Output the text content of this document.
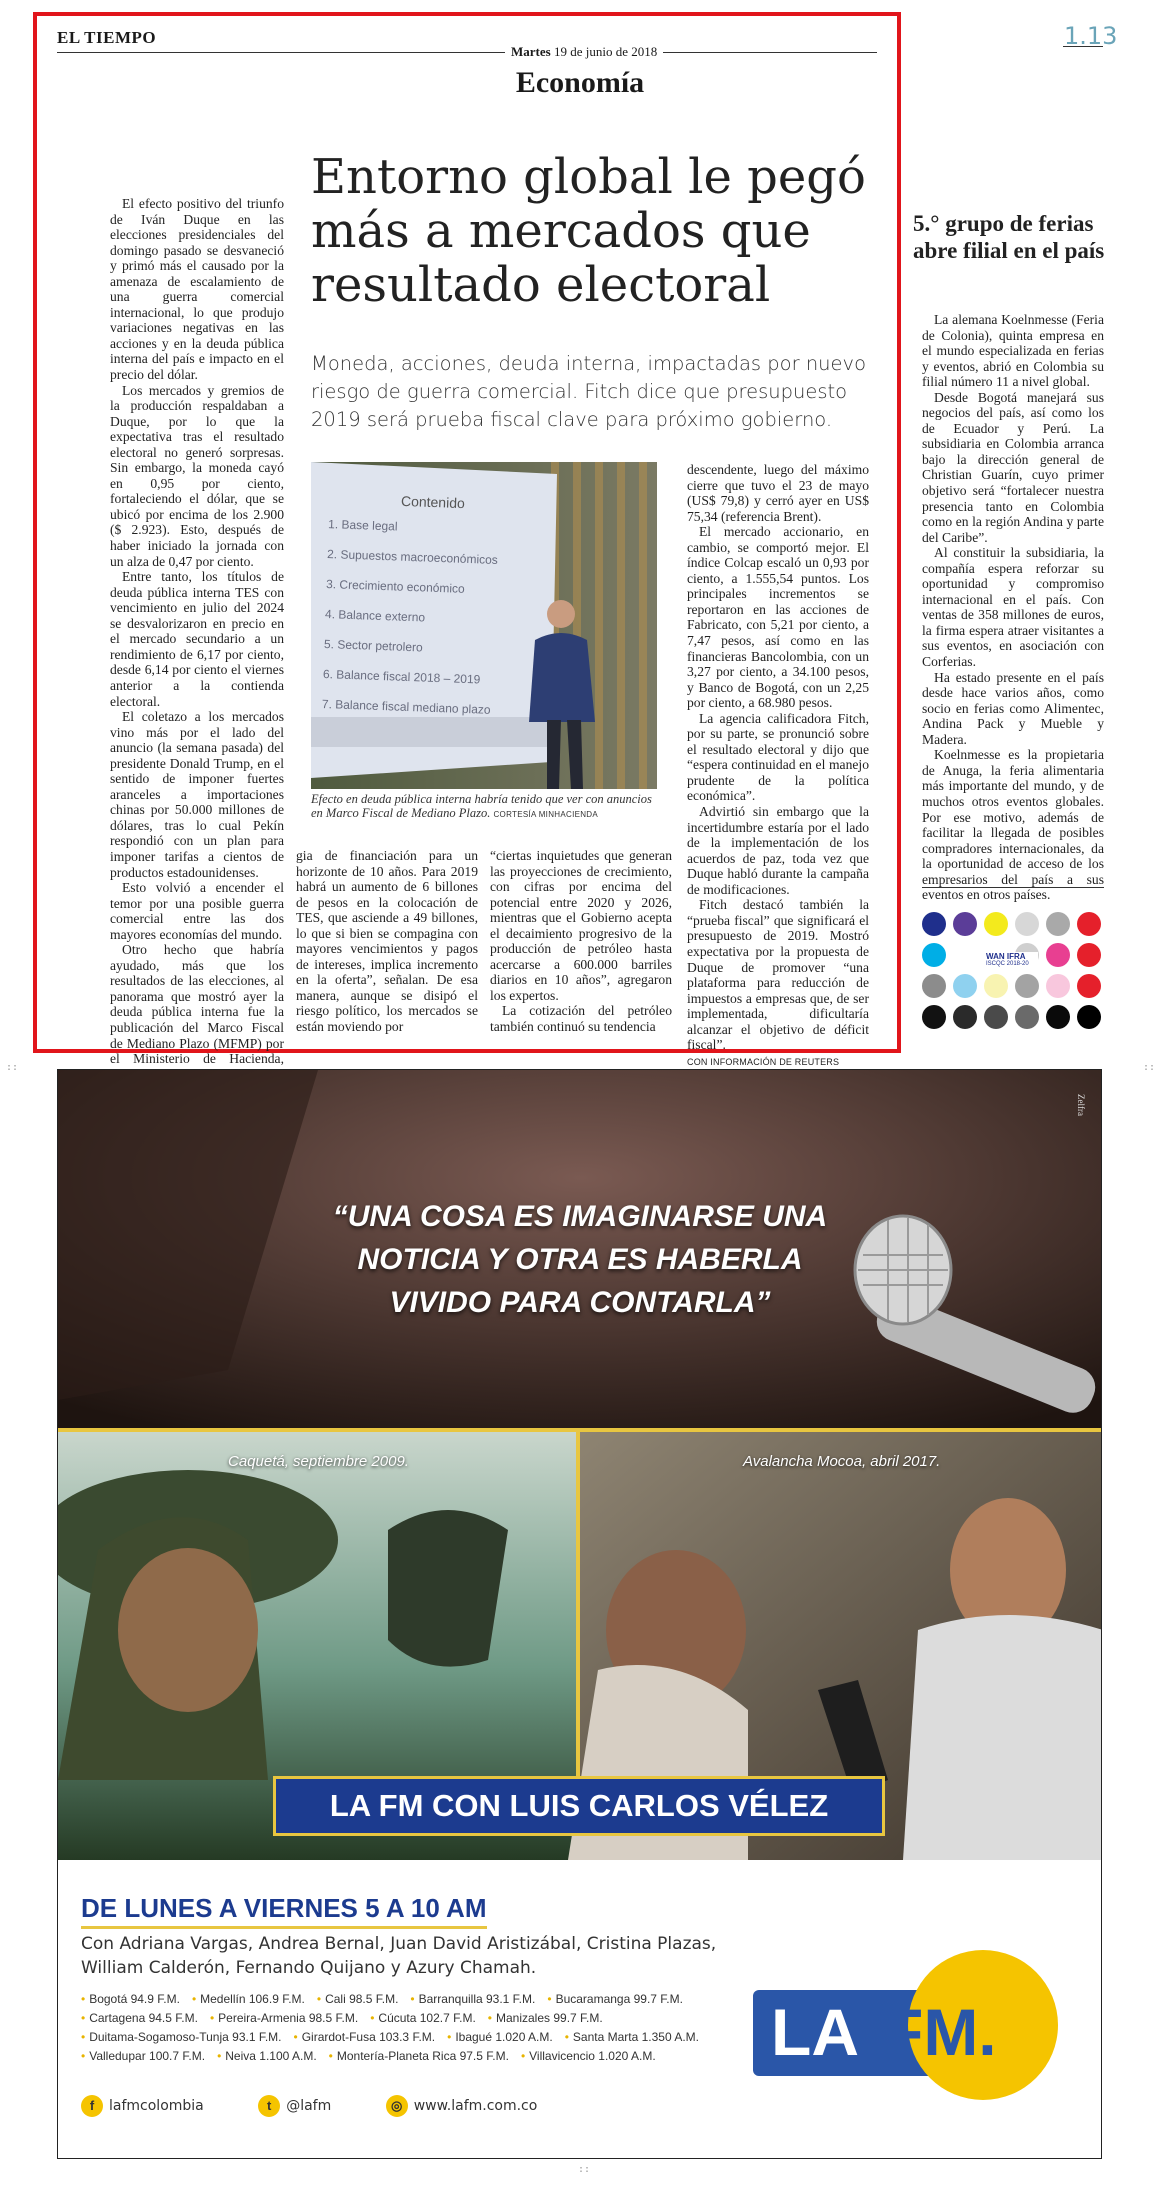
EL TIEMPO
Martes 19 de junio de 2018
1.13
Economía
Entorno global le pegó más a mercados que resultado electoral
Moneda, acciones, deuda interna, impactadas por nuevo riesgo de guerra comercial. Fitch dice que presupuesto 2019 será prueba fiscal clave para próximo gobierno.

El efecto positivo del triunfo de Iván Duque en las elecciones presidenciales del domingo pasado se desvaneció y primó más el causado por la amenaza de escalamiento de una guerra comercial internacional, lo que produjo variaciones negativas en las acciones y en la deuda pública interna del país e impacto en el precio del dólar.

Los mercados y gremios de la producción respaldaban a Duque, por lo que la expectativa tras el resultado electoral no generó sorpresas. Sin embargo, la moneda cayó en 0,95 por ciento, fortaleciendo el dólar, que se ubicó por encima de los 2.900 ($ 2.923). Esto, después de haber iniciado la jornada con un alza de 0,47 por ciento.

Entre tanto, los títulos de deuda pública interna TES con vencimiento en julio del 2024 se desvalorizaron en precio en el mercado secundario a un rendimiento de 6,17 por ciento, desde 6,14 por ciento el viernes anterior a la contienda electoral.

El coletazo a los mercados vino más por el lado del anuncio (la semana pasada) del presidente Donald Trump, en el sentido de imponer fuertes aranceles a importaciones chinas por 50.000 millones de dólares, tras lo cual Pekín respondió con un plan para imponer tarifas a cientos de productos estadounidenses.

Esto volvió a encender el temor por una posible guerra comercial entre las dos mayores economías del mundo.

Otro hecho que habría ayudado, más que los resultados de las elecciones, al panorama que mostró ayer la deuda pública interna fue la publicación del Marco Fiscal de Mediano Plazo (MFMP) por el Ministerio de Hacienda,

gia de financiación para un horizonte de 10 años. Para 2019 habrá un aumento de 6 billones de pesos en la colocación de TES, que asciende a 49 billones, lo que si bien se compagina con mayores vencimientos y pagos de intereses, implica incremento en la oferta”, señalan. De esa manera, aunque se disipó el riesgo político, los mercados se están moviendo por

“ciertas inquietudes que generan las proyecciones de crecimiento, con cifras por encima del potencial entre 2020 y 2026, mientras que el Gobierno acepta el decaimiento progresivo de la producción de petróleo hasta acercarse a 600.000 barriles diarios en 10 años”, agregaron los expertos.

La cotización del petróleo también continuó su tendencia

descendente, luego del máximo cierre que tuvo el 23 de mayo (US$ 79,8) y cerró ayer en US$ 75,34 (referencia Brent).

El mercado accionario, en cambio, se comportó mejor. El índice Colcap escaló un 0,93 por ciento, a 1.555,54 puntos. Los principales incrementos se reportaron en las acciones de Fabricato, con 5,21 por ciento, a 7,47 pesos, así como en las financieras Bancolombia, con un 3,27 por ciento, a 34.100 pesos, y Banco de Bogotá, con un 2,25 por ciento, a 68.980 pesos.

La agencia calificadora Fitch, por su parte, se pronunció sobre el resultado electoral y dijo que “espera continuidad en el manejo prudente de la política económica”.

Advirtió sin embargo que la incertidumbre estaría por el lado de la implementación de los acuerdos de paz, toda vez que Duque habló durante la campaña de modificaciones.

Fitch destacó también la “prueba fiscal” que significará el presupuesto de 2019. Mostró expectativa por la propuesta de Duque de promover “una plataforma para reducción de impuestos a empresas que, de ser implementada, dificultaría alcanzar el objetivo de déficit fiscal”.

CON INFORMACIÓN DE REUTERS

Contenido
1. Base legal
2. Supuestos macroeconómicos
3. Crecimiento económico
4. Balance externo
5. Sector petrolero
6. Balance fiscal 2018 – 2019
7. Balance fiscal mediano plazo
Efecto en deuda pública interna habría tenido que ver con anuncios en Marco Fiscal de Mediano Plazo. CORTESÍA MINHACIENDA
5.° grupo de ferias abre filial en el país

La alemana Koelnmesse (Feria de Colonia), quinta empresa en el mundo especializada en ferias y eventos, abrió en Colombia su filial número 11 a nivel global.

Desde Bogotá manejará sus negocios del país, así como los de Ecuador y Perú. La subsidiaria en Colombia arranca bajo la dirección general de Christian Guarín, cuyo primer objetivo será “fortalecer nuestra presencia tanto en Colombia como en la región Andina y parte del Caribe”.

Al constituir la subsidiaria, la compañía espera reforzar su oportunidad y compromiso internacional en el país. Con ventas de 358 millones de euros, la firma espera atraer visitantes a sus eventos, en asociación con Corferias.

Ha estado presente en el país desde hace varios años, como socio en ferias como Alimentec, Andina Pack y Mueble y Madera.

Koelnmesse es la propietaria de Anuga, la feria alimentaria más importante del mundo, y de muchos otros eventos globales. Por ese motivo, además de facilitar la llegada de posibles compradores internacionales, da la oportunidad de acceso de los empresarios del país a sus eventos en otros países.

WAN IFRA
ISCQC 2018-20
::	::
::
Zelfra
“UNA COSA ES IMAGINARSE UNA NOTICIA Y OTRA ES HABERLA VIVIDO PARA CONTARLA”
Caquetá, septiembre 2009.	Avalancha Mocoa, abril 2017.
LA FM CON LUIS CARLOS VÉLEZ
DE LUNES A VIERNES 5 A 10 AM
Con Adriana Vargas, Andrea Bernal, Juan David Aristizábal, Cristina Plazas, William Calderón, Fernando Quijano y Azury Chamah.
• Bogotá 94.9 F.M. • Medellín 106.9 F.M. • Cali 98.5 F.M. • Barranquilla 93.1 F.M. • Bucaramanga 99.7 F.M.
• Cartagena 94.5 F.M. • Pereira-Armenia 98.5 F.M. • Cúcuta 102.7 F.M. • Manizales 99.7 F.M.
• Duitama-Sogamoso-Tunja 93.1 F.M. • Girardot-Fusa 103.3 F.M. • Ibagué 1.020 A.M. • Santa Marta 1.350 A.M.
• Valledupar 100.7 F.M. • Neiva 1.100 A.M. • Montería-Planeta Rica 97.5 F.M. • Villavicencio 1.020 A.M.
f lafmcolombia	t @lafm	◎ www.lafm.com.co
LA FM.
